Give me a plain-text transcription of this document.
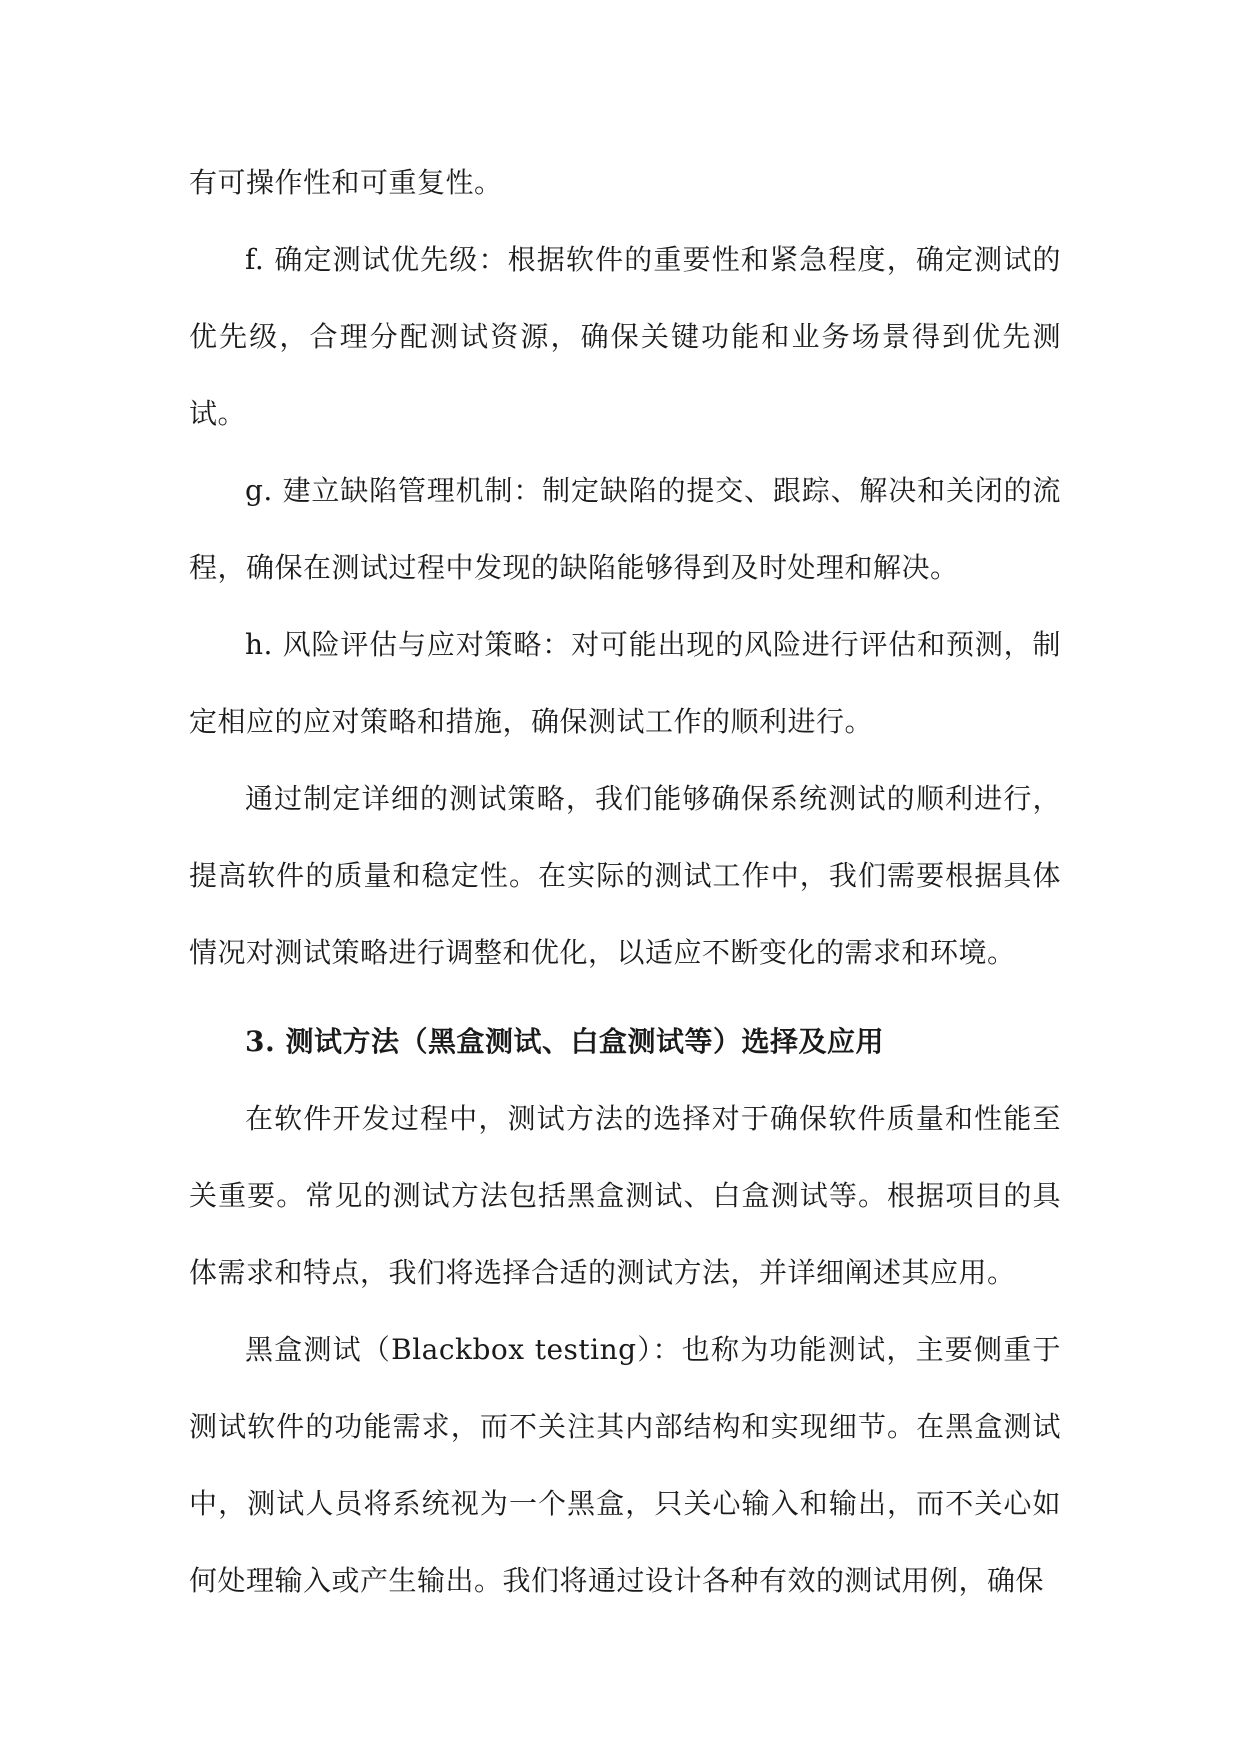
有可操作性和可重复性。

f. 确定测试优先级：根据软件的重要性和紧急程度，确定测试的优先级，合理分配测试资源，确保关键功能和业务场景得到优先测试。

g. 建立缺陷管理机制：制定缺陷的提交、跟踪、解决和关闭的流程，确保在测试过程中发现的缺陷能够得到及时处理和解决。

h. 风险评估与应对策略：对可能出现的风险进行评估和预测，制定相应的应对策略和措施，确保测试工作的顺利进行。

通过制定详细的测试策略，我们能够确保系统测试的顺利进行，提高软件的质量和稳定性。在实际的测试工作中，我们需要根据具体情况对测试策略进行调整和优化，以适应不断变化的需求和环境。

3. 测试方法（黑盒测试、白盒测试等）选择及应用

在软件开发过程中，测试方法的选择对于确保软件质量和性能至关重要。常见的测试方法包括黑盒测试、白盒测试等。根据项目的具体需求和特点，我们将选择合适的测试方法，并详细阐述其应用。

黑盒测试（Blackbox testing）：也称为功能测试，主要侧重于测试软件的功能需求，而不关注其内部结构和实现细节。在黑盒测试中，测试人员将系统视为一个黑盒，只关心输入和输出，而不关心如何处理输入或产生输出。我们将通过设计各种有效的测试用例，确保
